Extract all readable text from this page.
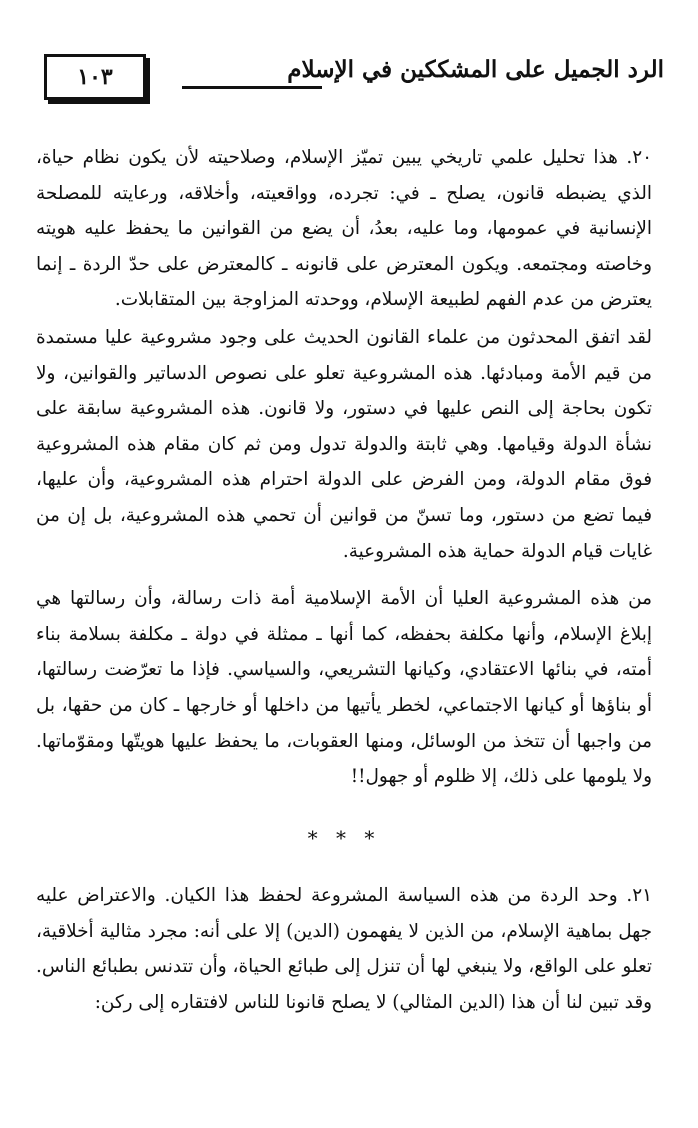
١٠٣	الرد الجميل على المشككين في الإسلام

٢٠. هذا تحليل علمي تاريخي يبين تميّز الإسلام، وصلاحيته لأن يكون نظام حياة، الذي يضبطه قانون، يصلح ـ في: تجرده، وواقعيته، وأخلاقه، ورعايته للمصلحة الإنسانية في عمومها، وما عليه، بعدُ، أن يضع من القوانين ما يحفظ عليه هويته وخاصته ومجتمعه. ويكون المعترض على قانونه ـ كالمعترض على حدّ الردة ـ إنما يعترض من عدم الفهم لطبيعة الإسلام، ووحدته المزاوجة بين المتقابلات.

لقد اتفق المحدثون من علماء القانون الحديث على وجود مشروعية عليا مستمدة من قيم الأمة ومبادئها. هذه المشروعية تعلو على نصوص الدساتير والقوانين، ولا تكون بحاجة إلى النص عليها في دستور، ولا قانون. هذه المشروعية سابقة على نشأة الدولة وقيامها. وهي ثابتة والدولة تدول ومن ثم كان مقام هذه المشروعية فوق مقام الدولة، ومن الفرض على الدولة احترام هذه المشروعية، وأن عليها، فيما تضع من دستور، وما تسنّ من قوانين أن تحمي هذه المشروعية، بل إن من غايات قيام الدولة حماية هذه المشروعية.

من هذه المشروعية العليا أن الأمة الإسلامية أمة ذات رسالة، وأن رسالتها هي إبلاغ الإسلام، وأنها مكلفة بحفظه، كما أنها ـ ممثلة في دولة ـ مكلفة بسلامة بناء أمته، في بنائها الاعتقادي، وكيانها التشريعي، والسياسي. فإذا ما تعرّضت رسالتها، أو بناؤها أو كيانها الاجتماعي، لخطر يأتيها من داخلها أو خارجها ـ كان من حقها، بل من واجبها أن تتخذ من الوسائل، ومنها العقوبات، ما يحفظ عليها هويتّها ومقوّماتها. ولا يلومها على ذلك، إلا ظلوم أو جهول!!

* * *

٢١. وحد الردة من هذه السياسة المشروعة لحفظ هذا الكيان. والاعتراض عليه جهل بماهية الإسلام، من الذين لا يفهمون (الدين) إلا على أنه: مجرد مثالية أخلاقية، تعلو على الواقع، ولا ينبغي لها أن تنزل إلى طبائع الحياة، وأن تتدنس بطبائع الناس. وقد تبين لنا أن هذا (الدين المثالي) لا يصلح قانونا للناس لافتقاره إلى ركن:
